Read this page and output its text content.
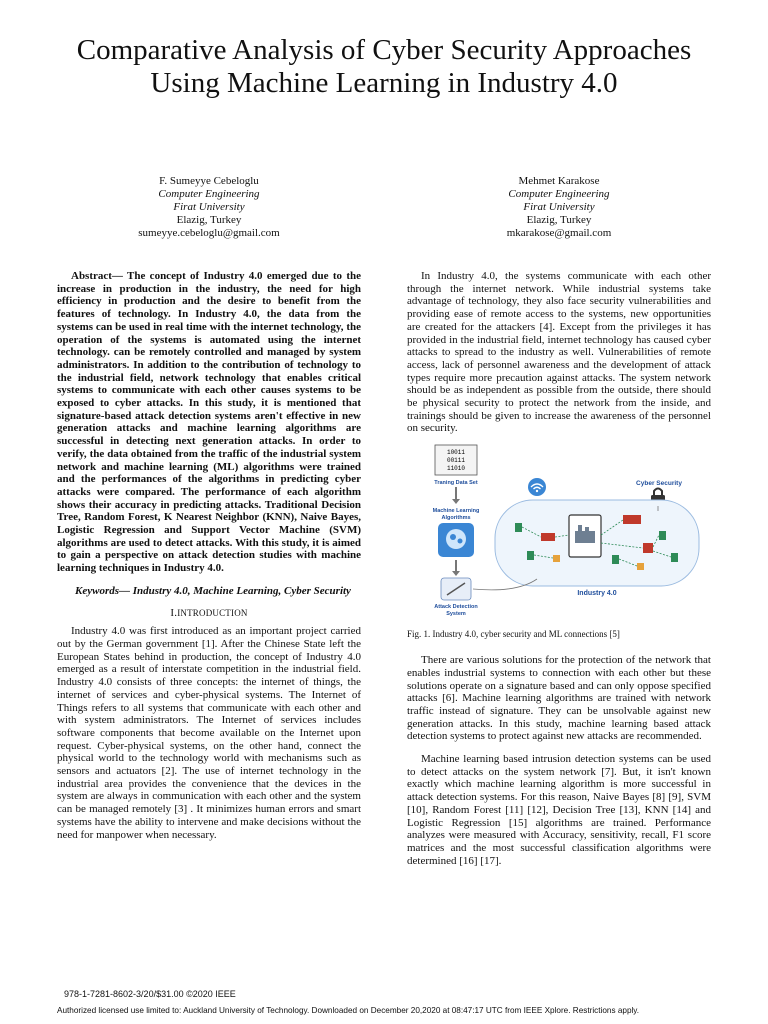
Comparative Analysis of Cyber Security Approaches Using Machine Learning in Industry 4.0
F. Sumeyye Cebeloglu
Computer Engineering
Firat University
Elazig, Turkey
sumeyye.cebeloglu@gmail.com
Mehmet Karakose
Computer Engineering
Firat University
Elazig, Turkey
mkarakose@gmail.com

Abstract— The concept of Industry 4.0 emerged due to the increase in production in the industry, the need for high efficiency in production and the desire to benefit from the features of technology. In Industry 4.0, the data from the systems can be used in real time with the internet technology, the operation of the systems is automated using the internet technology. can be remotely controlled and managed by system administrators. In addition to the contribution of technology to the industrial field, network technology that enables critical systems to communicate with each other causes systems to be exposed to cyber attacks. In this study, it is mentioned that signature-based attack detection systems aren't effective in new generation attacks and machine learning algorithms are successful in detecting next generation attacks. In order to verify, the data obtained from the traffic of the industrial system network and machine learning (ML) algorithms were trained and the performances of the algorithms in predicting cyber attacks were compared. The performance of each algorithm shows their accuracy in predicting attacks. Traditional Decision Tree, Random Forest, K Nearest Neighbor (KNN), Naive Bayes, Logistic Regression and Support Vector Machine (SVM) algorithms are used to detect attacks. With this study, it is aimed to gain a perspective on attack detection studies with machine learning techniques in Industry 4.0.

Keywords— Industry 4.0, Machine Learning, Cyber Security

I.INTRODUCTION

Industry 4.0 was first introduced as an important project carried out by the German government [1]. After the Chinese State left the European States behind in production, the concept of Industry 4.0 emerged as a result of interstate competition in the industrial field. Industry 4.0 consists of three concepts: the internet of things, the internet of services and cyber-physical systems. The Internet of Things refers to all systems that communicate with each other and with system administrators. The Internet of services includes software components that become available on the Internet upon request. Cyber-physical systems, on the other hand, connect the physical world to the technology world with mechanisms such as sensors and actuators [2]. The use of internet technology in the industrial area provides the convenience that the devices in the system are always in communication with each other and the system can be managed remotely [3] . It minimizes human errors and smart systems have the ability to intervene and make decisions without the need for manpower when necessary.

In Industry 4.0, the systems communicate with each other through the internet network. While industrial systems take advantage of technology, they also face security vulnerabilities and providing ease of remote access to the systems, new opportunities are created for the attackers [4]. Except from the privileges it has provided in the industrial field, internet technology has caused cyber attacks to spread to the industry as well. Vulnerabilities of remote access, lack of personnel awareness and the development of attack types require more precaution against attacks. The system network should be as independent as possible from the outside, there should be physical security to protect the network from the inside, and trainings should be given to increase the awareness of the personnel on security.

10011
00111
11010
Traning Data Set
Machine Learning
Algorithms
Attack Detection
System
Cyber Security
Industry 4.0

Fig. 1. Industry 4.0, cyber security and ML connections [5]

There are various solutions for the protection of the network that enables industrial systems to connection with each other but these solutions operate on a signature based and can only oppose specified attacks [6]. Machine learning algorithms are trained with network traffic instead of signature. They can be unsolvable against new generation attacks. In this study, machine learning based attack detection systems to protect against new attacks are recommended.

Machine learning based intrusion detection systems can be used to detect attacks on the system network [7]. But, it isn't known exactly which machine learning algorithm is more successful in attack detection systems. For this reason, Naive Bayes [8] [9], SVM [10], Random Forest [11] [12], Decision Tree [13], KNN [14] and Logistic Regression [15] algorithms are trained. Performance analyzes were measured with Accuracy, sensitivity, recall, F1 score matrices and the most successful classification algorithms were determined [16] [17].

978-1-7281-8602-3/20/$31.00 ©2020 IEEE
Authorized licensed use limited to: Auckland University of Technology. Downloaded on December 20,2020 at 08:47:17 UTC from IEEE Xplore. Restrictions apply.
